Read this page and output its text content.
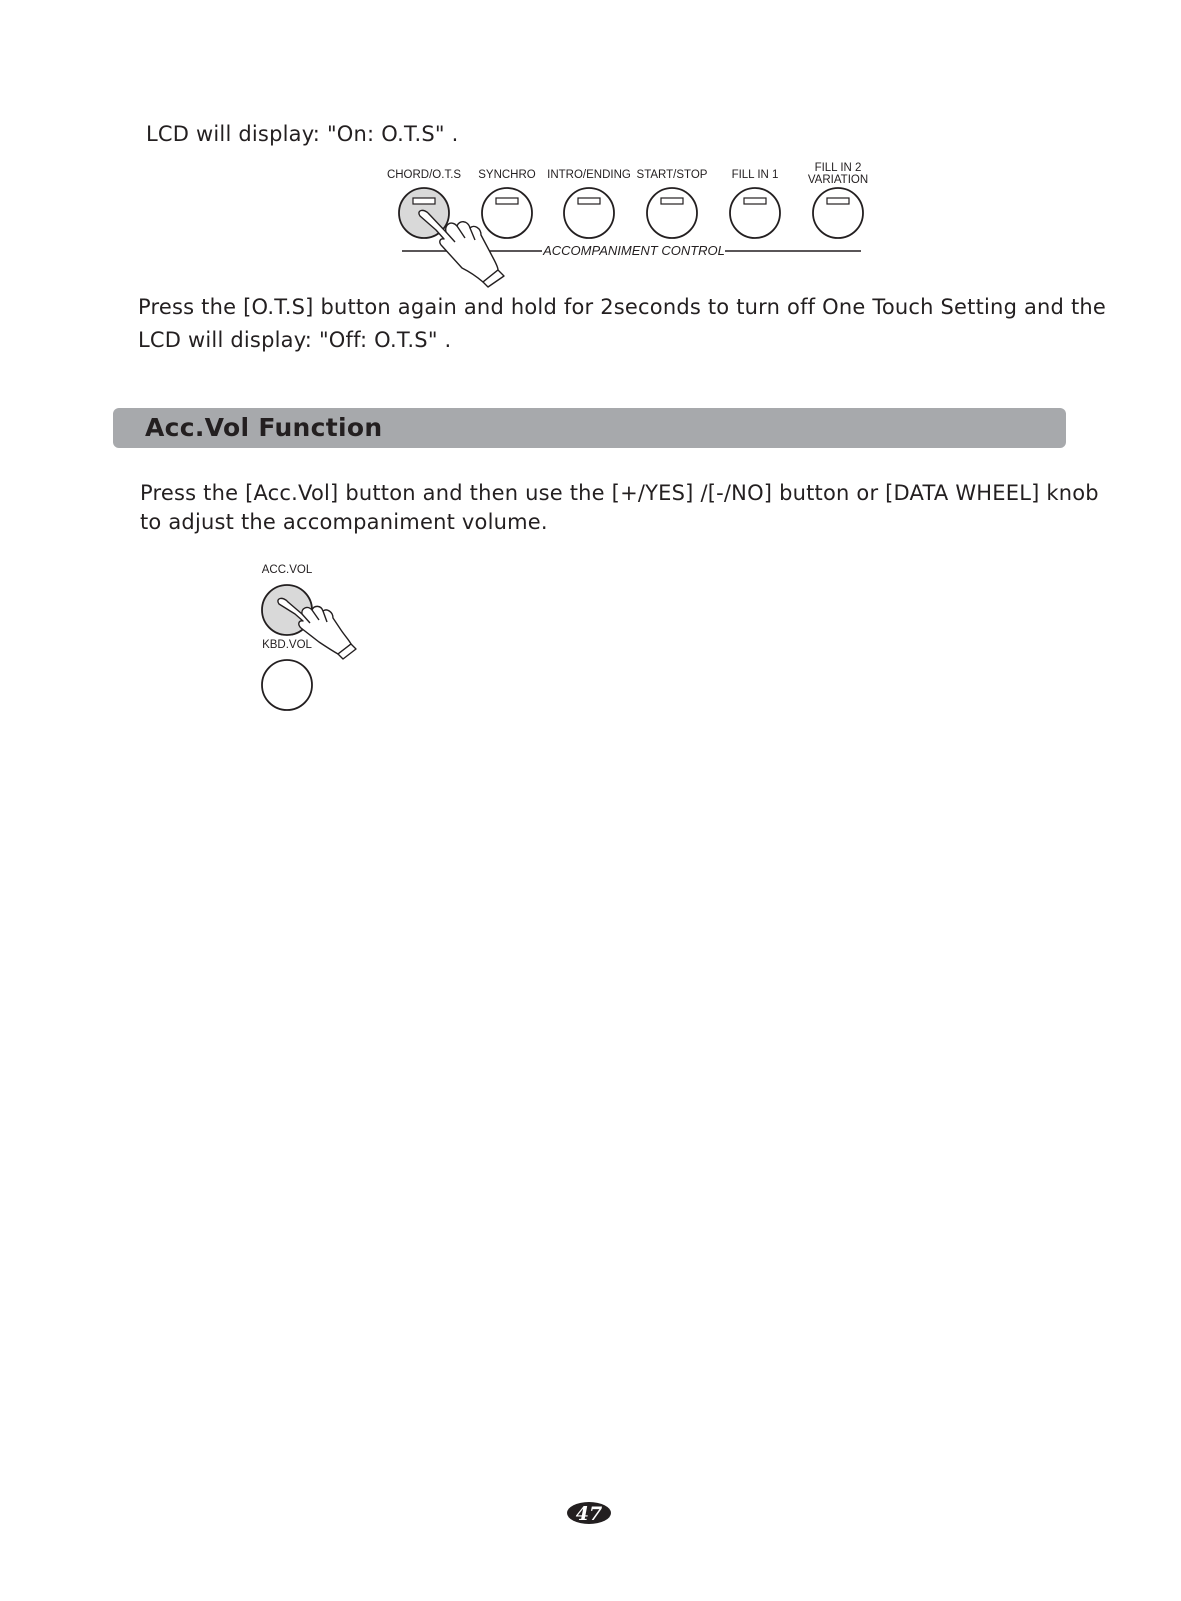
LCD will display: "On: O.T.S" .

CHORD/O.T.S SYNCHRO INTRO/ENDING START/STOP FILL IN 1
FILL IN 2
VARIATION
ACCOMPANIMENT CONTROL

Press the [O.T.S] button again and hold for 2seconds to turn off One Touch Setting and the
LCD will display: "Off: O.T.S" .

Acc.Vol Function

Press the [Acc.Vol] button and then use the [+/YES] /[-/NO] button or [DATA WHEEL] knob
to adjust the accompaniment volume.

ACC.VOL
KBD.VOL
47
